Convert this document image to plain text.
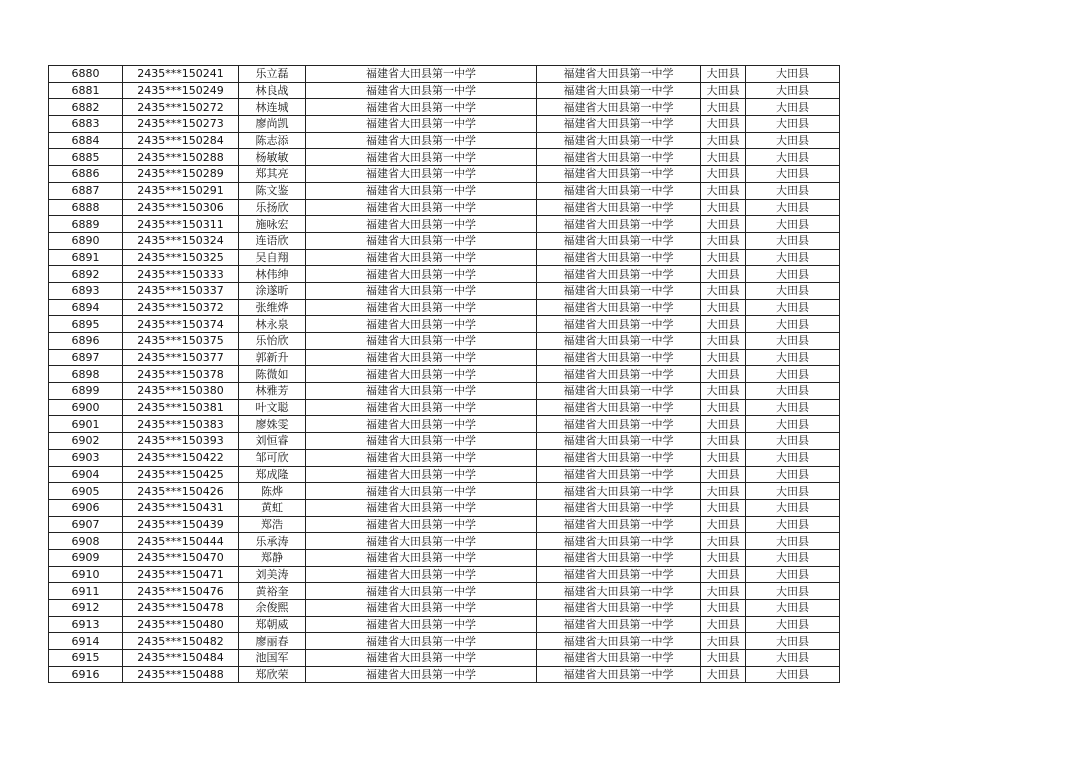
6880	2435***150241	乐立磊	福建省大田县第一中学	福建省大田县第一中学	大田县	大田县
6881	2435***150249	林良战	福建省大田县第一中学	福建省大田县第一中学	大田县	大田县
6882	2435***150272	林连城	福建省大田县第一中学	福建省大田县第一中学	大田县	大田县
6883	2435***150273	廖尚凯	福建省大田县第一中学	福建省大田县第一中学	大田县	大田县
6884	2435***150284	陈志添	福建省大田县第一中学	福建省大田县第一中学	大田县	大田县
6885	2435***150288	杨敏敏	福建省大田县第一中学	福建省大田县第一中学	大田县	大田县
6886	2435***150289	郑其亮	福建省大田县第一中学	福建省大田县第一中学	大田县	大田县
6887	2435***150291	陈文鉴	福建省大田县第一中学	福建省大田县第一中学	大田县	大田县
6888	2435***150306	乐扬欣	福建省大田县第一中学	福建省大田县第一中学	大田县	大田县
6889	2435***150311	施咏宏	福建省大田县第一中学	福建省大田县第一中学	大田县	大田县
6890	2435***150324	连语欣	福建省大田县第一中学	福建省大田县第一中学	大田县	大田县
6891	2435***150325	吴自翔	福建省大田县第一中学	福建省大田县第一中学	大田县	大田县
6892	2435***150333	林伟绅	福建省大田县第一中学	福建省大田县第一中学	大田县	大田县
6893	2435***150337	涂遂昕	福建省大田县第一中学	福建省大田县第一中学	大田县	大田县
6894	2435***150372	张维烨	福建省大田县第一中学	福建省大田县第一中学	大田县	大田县
6895	2435***150374	林永泉	福建省大田县第一中学	福建省大田县第一中学	大田县	大田县
6896	2435***150375	乐怡欣	福建省大田县第一中学	福建省大田县第一中学	大田县	大田县
6897	2435***150377	郭新升	福建省大田县第一中学	福建省大田县第一中学	大田县	大田县
6898	2435***150378	陈微如	福建省大田县第一中学	福建省大田县第一中学	大田县	大田县
6899	2435***150380	林雅芳	福建省大田县第一中学	福建省大田县第一中学	大田县	大田县
6900	2435***150381	叶文聪	福建省大田县第一中学	福建省大田县第一中学	大田县	大田县
6901	2435***150383	廖姝雯	福建省大田县第一中学	福建省大田县第一中学	大田县	大田县
6902	2435***150393	刘恒睿	福建省大田县第一中学	福建省大田县第一中学	大田县	大田县
6903	2435***150422	邹可欣	福建省大田县第一中学	福建省大田县第一中学	大田县	大田县
6904	2435***150425	郑成隆	福建省大田县第一中学	福建省大田县第一中学	大田县	大田县
6905	2435***150426	陈烨	福建省大田县第一中学	福建省大田县第一中学	大田县	大田县
6906	2435***150431	黄虹	福建省大田县第一中学	福建省大田县第一中学	大田县	大田县
6907	2435***150439	郑浩	福建省大田县第一中学	福建省大田县第一中学	大田县	大田县
6908	2435***150444	乐承涛	福建省大田县第一中学	福建省大田县第一中学	大田县	大田县
6909	2435***150470	郑静	福建省大田县第一中学	福建省大田县第一中学	大田县	大田县
6910	2435***150471	刘美涛	福建省大田县第一中学	福建省大田县第一中学	大田县	大田县
6911	2435***150476	黄裕奎	福建省大田县第一中学	福建省大田县第一中学	大田县	大田县
6912	2435***150478	余俊熙	福建省大田县第一中学	福建省大田县第一中学	大田县	大田县
6913	2435***150480	郑朝威	福建省大田县第一中学	福建省大田县第一中学	大田县	大田县
6914	2435***150482	廖丽春	福建省大田县第一中学	福建省大田县第一中学	大田县	大田县
6915	2435***150484	池国军	福建省大田县第一中学	福建省大田县第一中学	大田县	大田县
6916	2435***150488	郑欣荣	福建省大田县第一中学	福建省大田县第一中学	大田县	大田县
